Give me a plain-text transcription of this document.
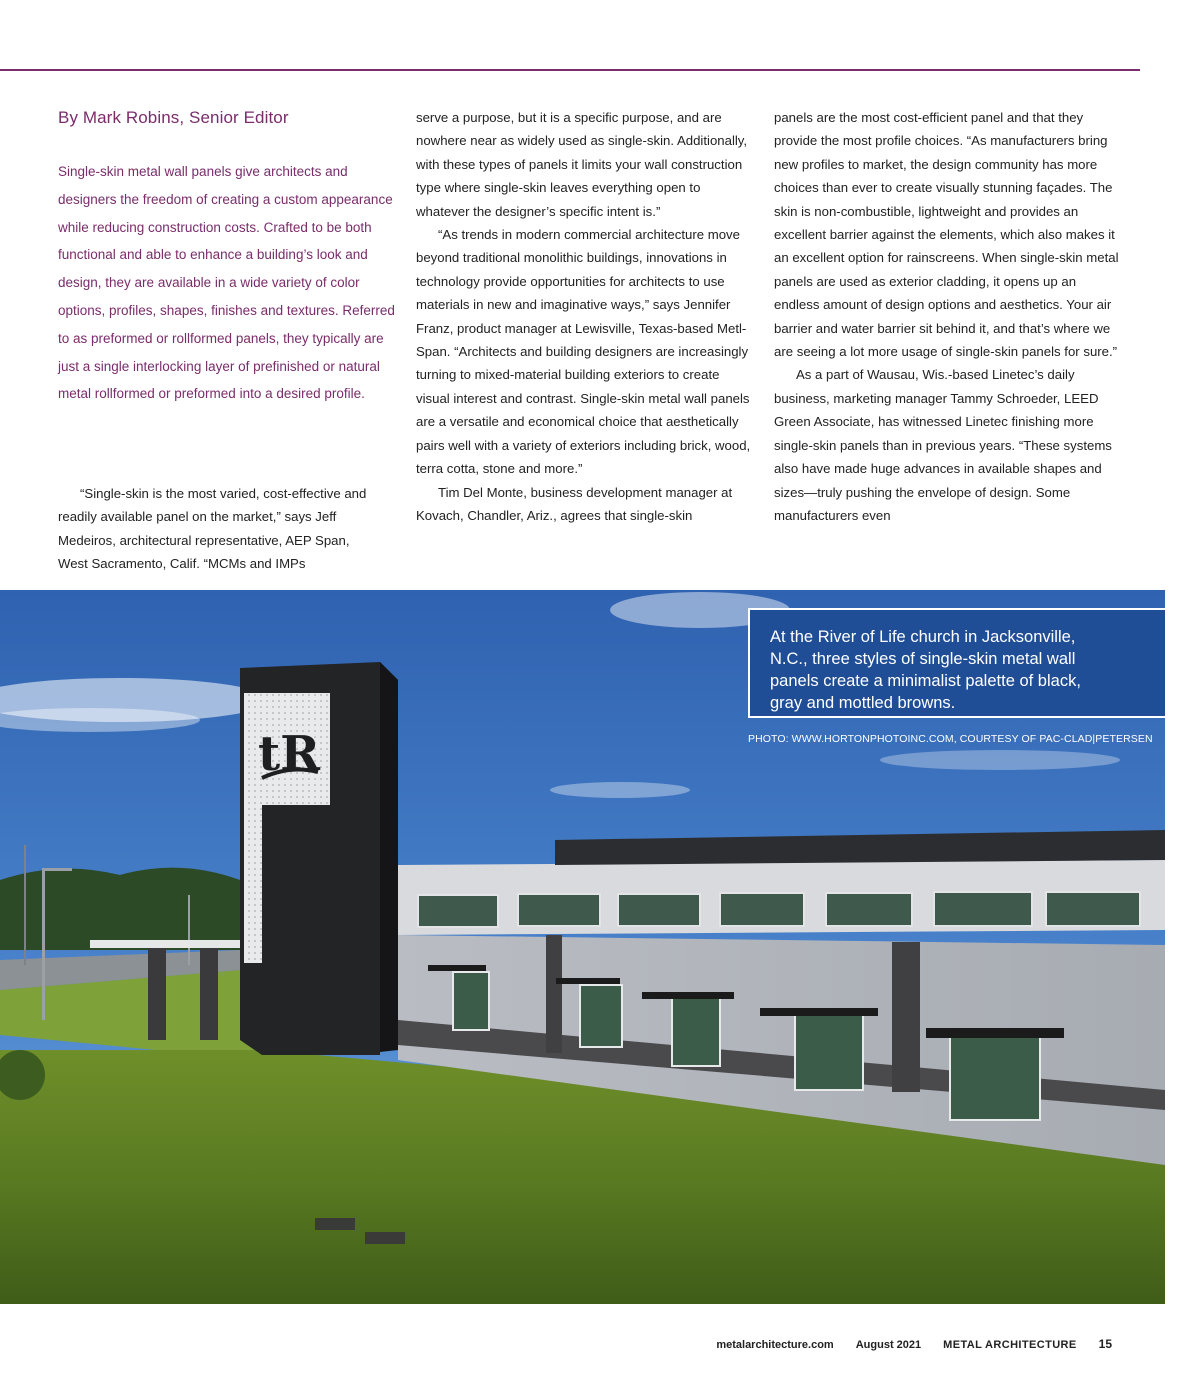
By Mark Robins, Senior Editor

Single-skin metal wall panels give architects and designers the freedom of creating a custom appearance while reducing construction costs. Crafted to be both functional and able to enhance a building’s look and design, they are available in a wide variety of color options, profiles, shapes, finishes and textures. Referred to as preformed or rollformed panels, they typically are just a single interlocking layer of prefinished or natural metal rollformed or preformed into a desired profile.

“Single-skin is the most varied, cost-effective and readily available panel on the market,” says Jeff Medeiros, architectural representative, AEP Span, West Sacramento, Calif. “MCMs and IMPs

serve a purpose, but it is a specific purpose, and are nowhere near as widely used as single-skin. Additionally, with these types of panels it limits your wall construction type where single-skin leaves everything open to whatever the designer’s specific intent is.”

“As trends in modern commercial architecture move beyond traditional monolithic buildings, innovations in technology provide opportunities for architects to use materials in new and imaginative ways,” says Jennifer Franz, product manager at Lewisville, Texas-based Metl-Span. “Architects and building designers are increasingly turning to mixed-material building exteriors to create visual interest and contrast. Single-skin metal wall panels are a versatile and economical choice that aesthetically pairs well with a variety of exteriors including brick, wood, terra cotta, stone and more.”

Tim Del Monte, business development manager at Kovach, Chandler, Ariz., agrees that single-skin

panels are the most cost-efficient panel and that they provide the most profile choices. “As manufacturers bring new profiles to market, the design community has more choices than ever to create visually stunning façades. The skin is non-combustible, lightweight and provides an excellent barrier against the elements, which also makes it an excellent option for rainscreens. When single-skin metal panels are used as exterior cladding, it opens up an endless amount of design options and aesthetics. Your air barrier and water barrier sit behind it, and that’s where we are seeing a lot more usage of single-skin panels for sure.”

As a part of Wausau, Wis.-based Linetec’s daily business, marketing manager Tammy Schroeder, LEED Green Associate, has witnessed Linetec finishing more single-skin panels than in previous years. “These systems also have made huge advances in available shapes and sizes—truly pushing the envelope of design. Some manufacturers even

tR

At the River of Life church in Jacksonville, N.C., three styles of single-skin metal wall panels create a minimalist palette of black, gray and mottled browns.

PHOTO: WWW.HORTONPHOTOINC.COM, COURTESY OF PAC-CLAD|PETERSEN
metalarchitecture.com August 2021 METAL ARCHITECTURE 15
